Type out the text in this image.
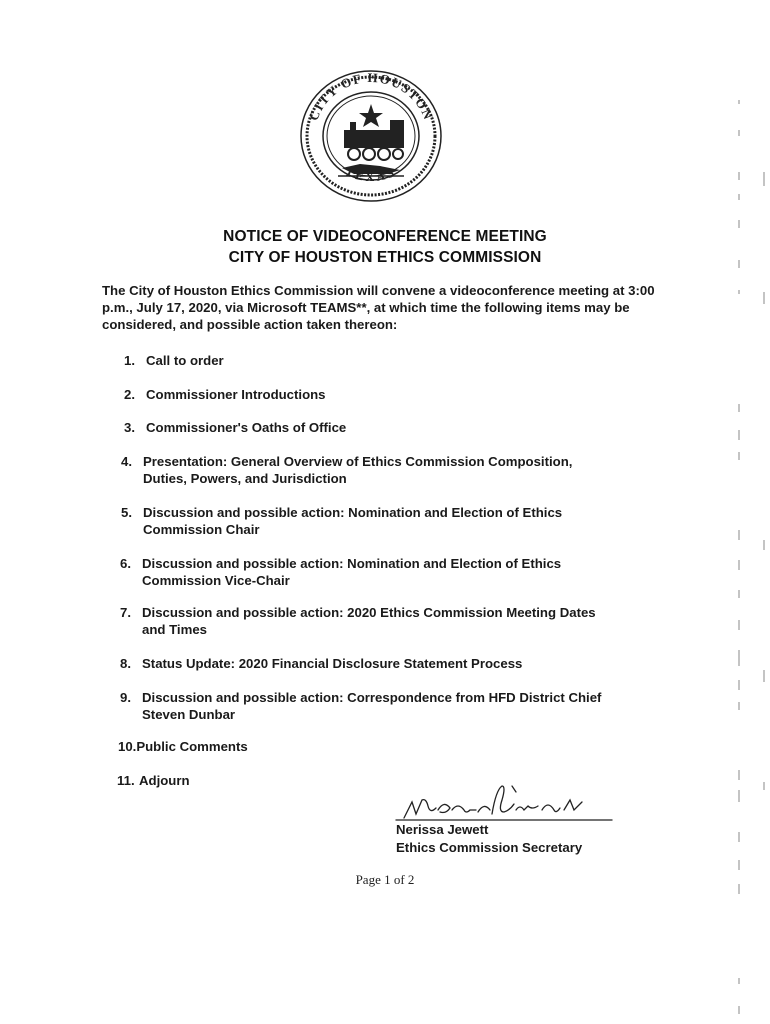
CITY OF HOUSTON
TEXAS
NOTICE OF VIDEOCONFERENCE MEETING
CITY OF HOUSTON ETHICS COMMISSION
The City of Houston Ethics Commission will convene a videoconference meeting at 3:00 p.m., July 17, 2020, via Microsoft TEAMS**, at which time the following items may be considered, and possible action taken thereon:
1. Call to order
2. Commissioner Introductions
3. Commissioner's Oaths of Office
4. Presentation: General Overview of Ethics Commission Composition, Duties, Powers, and Jurisdiction
5. Discussion and possible action: Nomination and Election of Ethics Commission Chair
6. Discussion and possible action: Nomination and Election of Ethics Commission Vice-Chair
7. Discussion and possible action: 2020 Ethics Commission Meeting Dates and Times
8. Status Update: 2020 Financial Disclosure Statement Process
9. Discussion and possible action: Correspondence from HFD District Chief Steven Dunbar
10.Public Comments
11. Adjourn
Nerissa Jewett
Ethics Commission Secretary
Page 1 of 2
